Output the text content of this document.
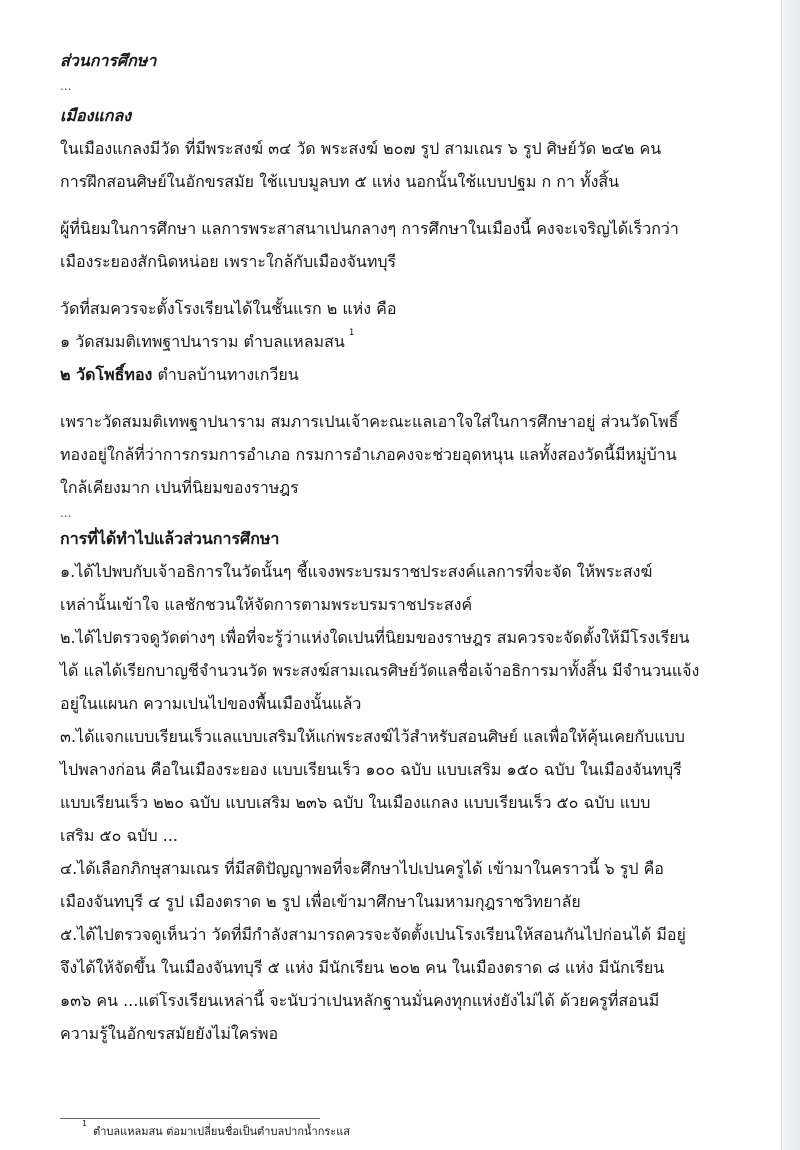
ส่วนการศึกษา

...

เมืองแกลง

ในเมืองแกลงมีวัด ที่มีพระสงฆ์ ๓๔ วัด พระสงฆ์ ๒๐๗ รูป สามเณร ๖ รูป ศิษย์วัด ๒๔๒ คน

การฝึกสอนศิษย์ในอักขรสมัย ใช้แบบมูลบท ๕ แห่ง นอกนั้นใช้แบบปฐม ก กา ทั้งสิ้น

ผู้ที่นิยมในการศึกษา แลการพระสาสนาเปนกลางๆ การศึกษาในเมืองนี้ คงจะเจริญได้เร็วกว่า

เมืองระยองสักนิดหน่อย เพราะใกล้กับเมืองจันทบุรี

วัดที่สมควรจะตั้งโรงเรียนได้ในชั้นแรก ๒ แห่ง คือ

๑ วัดสมมติเทพฐาปนาราม ตำบลแหลมสน $^1$

๒ วัดโพธิ์ทอง ตำบลบ้านทางเกวียน

เพราะวัดสมมติเทพฐาปนาราม สมภารเปนเจ้าคะณะแลเอาใจใส่ในการศึกษาอยู่ ส่วนวัดโพธิ์

ทองอยู่ใกล้ที่ว่าการกรมการอำเภอ กรมการอำเภอคงจะช่วยอุดหนุน แลทั้งสองวัดนี้มีหมู่บ้าน

ใกล้เคียงมาก เปนที่นิยมของราษฎร

...

การที่ได้ทำไปแล้วส่วนการศึกษา

๑.ได้ไปพบกับเจ้าอธิการในวัดนั้นๆ ชี้แจงพระบรมราชประสงค์แลการที่จะจัด ให้พระสงฆ์

เหล่านั้นเข้าใจ แลชักชวนให้จัดการตามพระบรมราชประสงค์

๒.ได้ไปตรวจดูวัดต่างๆ เพื่อที่จะรู้ว่าแห่งใดเปนที่นิยมของราษฎร สมควรจะจัดตั้งให้มีโรงเรียน

ได้ แลได้เรียกบาญชีจำนวนวัด พระสงฆ์สามเณรศิษย์วัดแลชื่อเจ้าอธิการมาทั้งสิ้น มีจำนวนแจ้ง

อยู่ในแผนก ความเปนไปของพื้นเมืองนั้นแล้ว

๓.ได้แจกแบบเรียนเร็วแลแบบเสริมให้แก่พระสงฆ์ไว้สำหรับสอนศิษย์ แลเพื่อให้คุ้นเคยกับแบบ

ไปพลางก่อน คือในเมืองระยอง แบบเรียนเร็ว ๑๐๐ ฉบับ แบบเสริม ๑๕๐ ฉบับ ในเมืองจันทบุรี

แบบเรียนเร็ว ๒๒๐ ฉบับ แบบเสริม ๒๓๖ ฉบับ ในเมืองแกลง แบบเรียนเร็ว ๕๐ ฉบับ แบบ

เสริม ๕๐ ฉบับ ...

๔.ได้เลือกภิกษุสามเณร ที่มีสติปัญญาพอที่จะศึกษาไปเปนครูได้ เข้ามาในคราวนี้ ๖ รูป คือ

เมืองจันทบุรี ๔ รูป เมืองตราด ๒ รูป เพื่อเข้ามาศึกษาในมหามกุฎราชวิทยาลัย

๕.ได้ไปตรวจดูเห็นว่า วัดที่มีกำลังสามารถควรจะจัดตั้งเปนโรงเรียนให้สอนกันไปก่อนได้ มีอยู่

จึงได้ให้จัดขึ้น ในเมืองจันทบุรี ๕ แห่ง มีนักเรียน ๒๐๒ คน ในเมืองตราด ๘ แห่ง มีนักเรียน

๑๓๖ คน ...แต่โรงเรียนเหล่านี้ จะนับว่าเปนหลักฐานมั่นคงทุกแห่งยังไม่ได้ ด้วยครูที่สอนมี

ความรู้ในอักขรสมัยยังไม่ใคร่พอ

$^1$ตำบลแหลมสน ต่อมาเปลี่ยนชื่อเป็นตำบลปากน้ำกระแส
